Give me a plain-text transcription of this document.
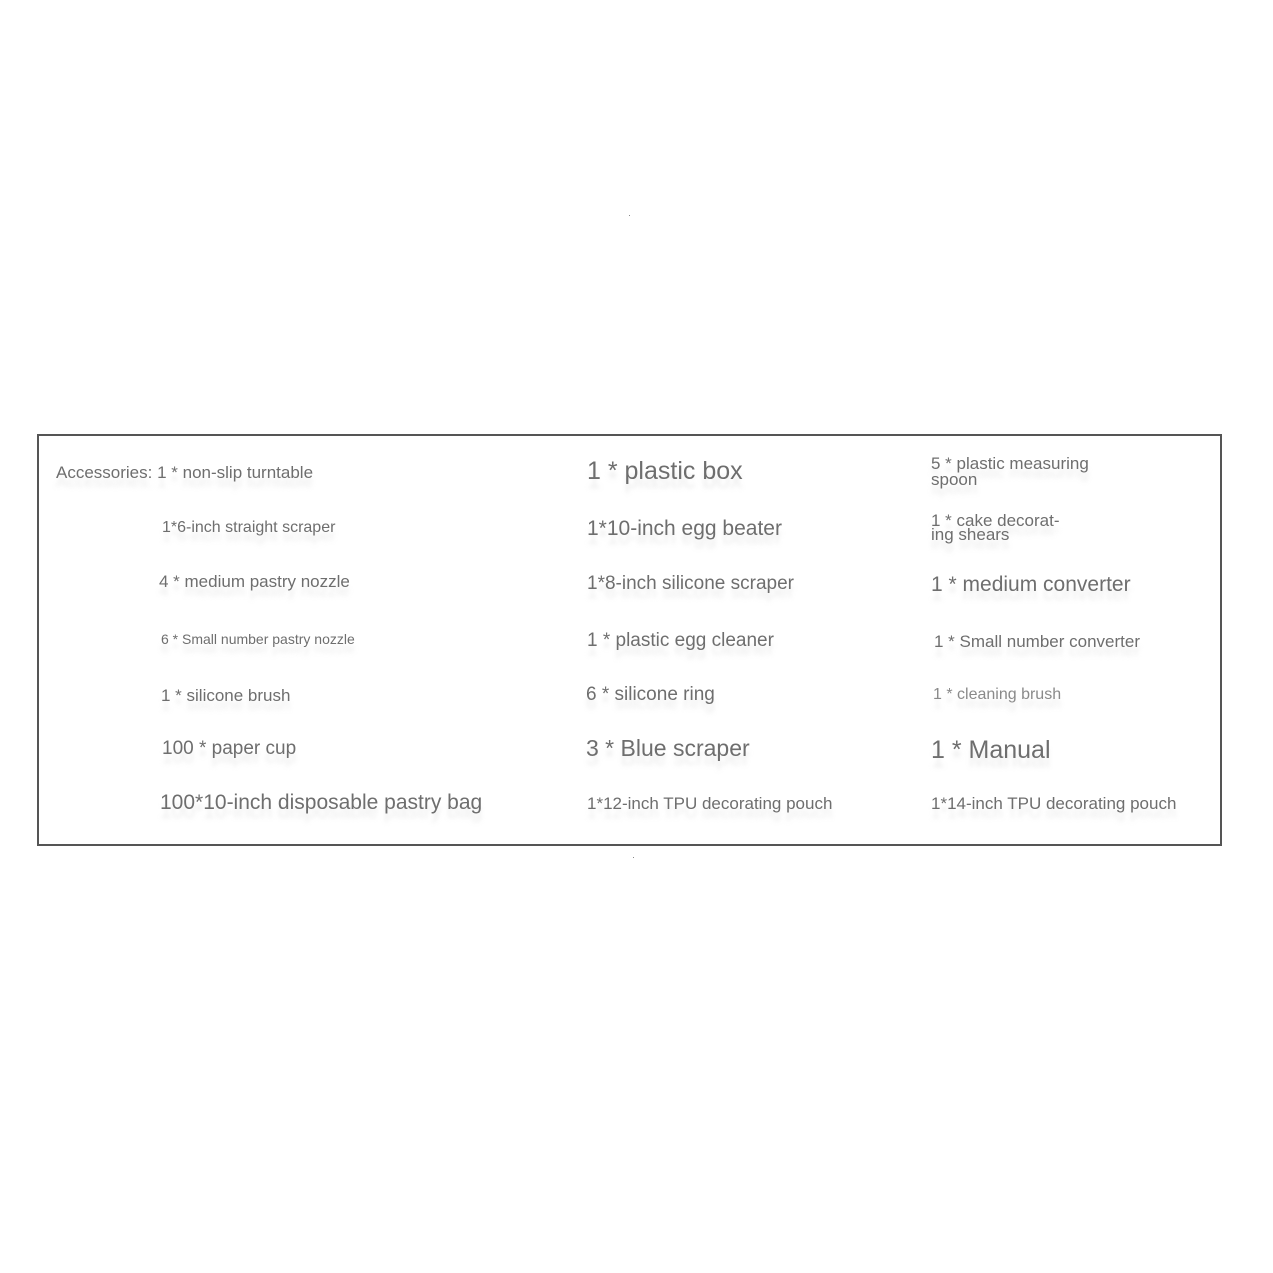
Accessories: 1 * non-slip turntable
1*6-inch straight scraper
4 * medium pastry nozzle
6 * Small number pastry nozzle
1 * silicone brush
100 * paper cup
100*10-inch disposable pastry bag
1 * plastic box
1*10-inch egg beater
1*8-inch silicone scraper
1 * plastic egg cleaner
6 * silicone ring
3 * Blue scraper
1*12-inch TPU decorating pouch
5 * plastic measuring spoon
1 * cake decorat-ing shears
1 * medium converter
1 * Small number converter
1 * cleaning brush
1 * Manual
1*14-inch TPU decorating pouch
